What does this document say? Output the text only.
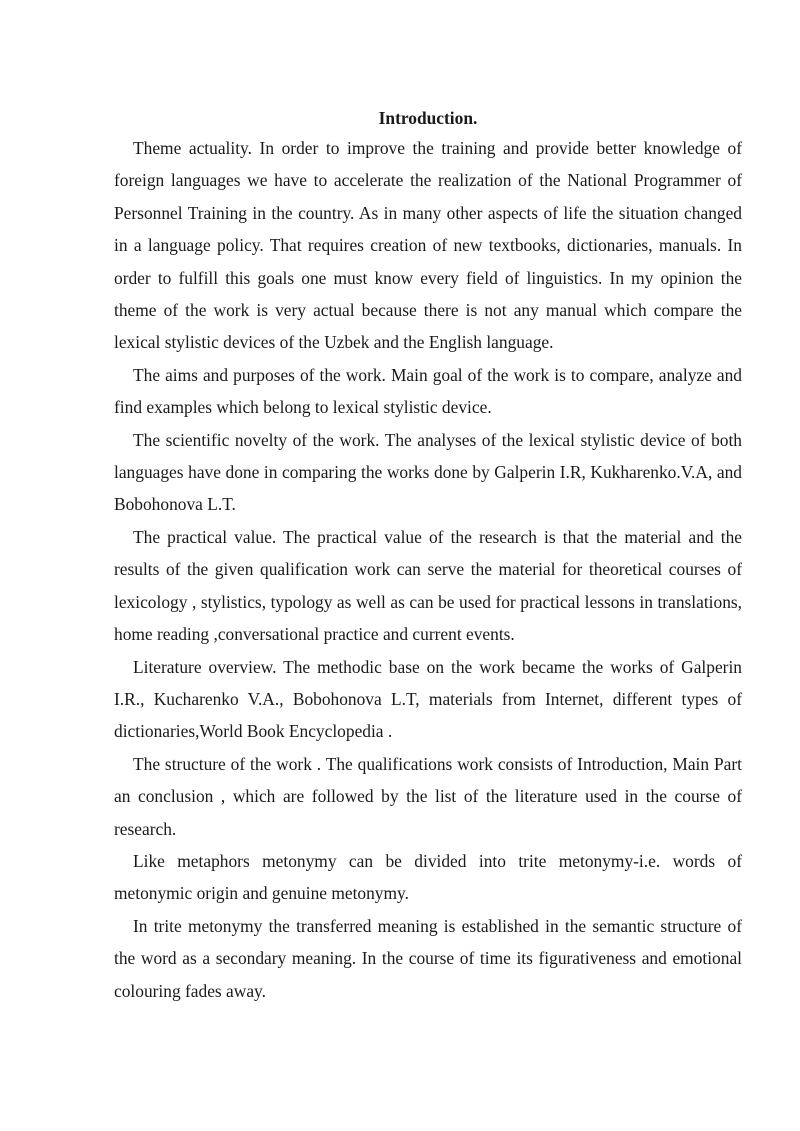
Introduction.

Theme actuality. In order to improve the training and provide better knowledge of foreign languages we have to accelerate the realization of the National Programmer of Personnel Training in the country. As in many other aspects of life the situation changed in a language policy. That requires creation of new textbooks, dictionaries, manuals. In order to fulfill this goals one must know every field of linguistics. In my opinion the theme of the work is very actual because there is not any manual which compare the lexical stylistic devices of the Uzbek and the English language.

The aims and purposes of the work. Main goal of the work is to compare, analyze and find examples which belong to lexical stylistic device.

The scientific novelty of the work. The analyses of the lexical stylistic device of both languages have done in comparing the works done by Galperin I.R, Kukharenko.V.A, and Bobohonova L.T.

The practical value. The practical value of the research is that the material and the results of the given qualification work can serve the material for theoretical courses of lexicology , stylistics, typology as well as can be used for practical lessons in translations, home reading ,conversational practice and current events.

Literature overview. The methodic base on the work became the works of Galperin I.R., Kucharenko V.A., Bobohonova L.T, materials from Internet, different types of dictionaries,World Book Encyclopedia .

The structure of the work . The qualifications work consists of Introduction, Main Part an conclusion , which are followed by the list of the literature used in the course of research.

Like metaphors metonymy can be divided into trite metonymy-i.e. words of metonymic origin and genuine metonymy.

In trite metonymy the transferred meaning is established in the semantic structure of the word as a secondary meaning. In the course of time its figurativeness and emotional colouring fades away.
